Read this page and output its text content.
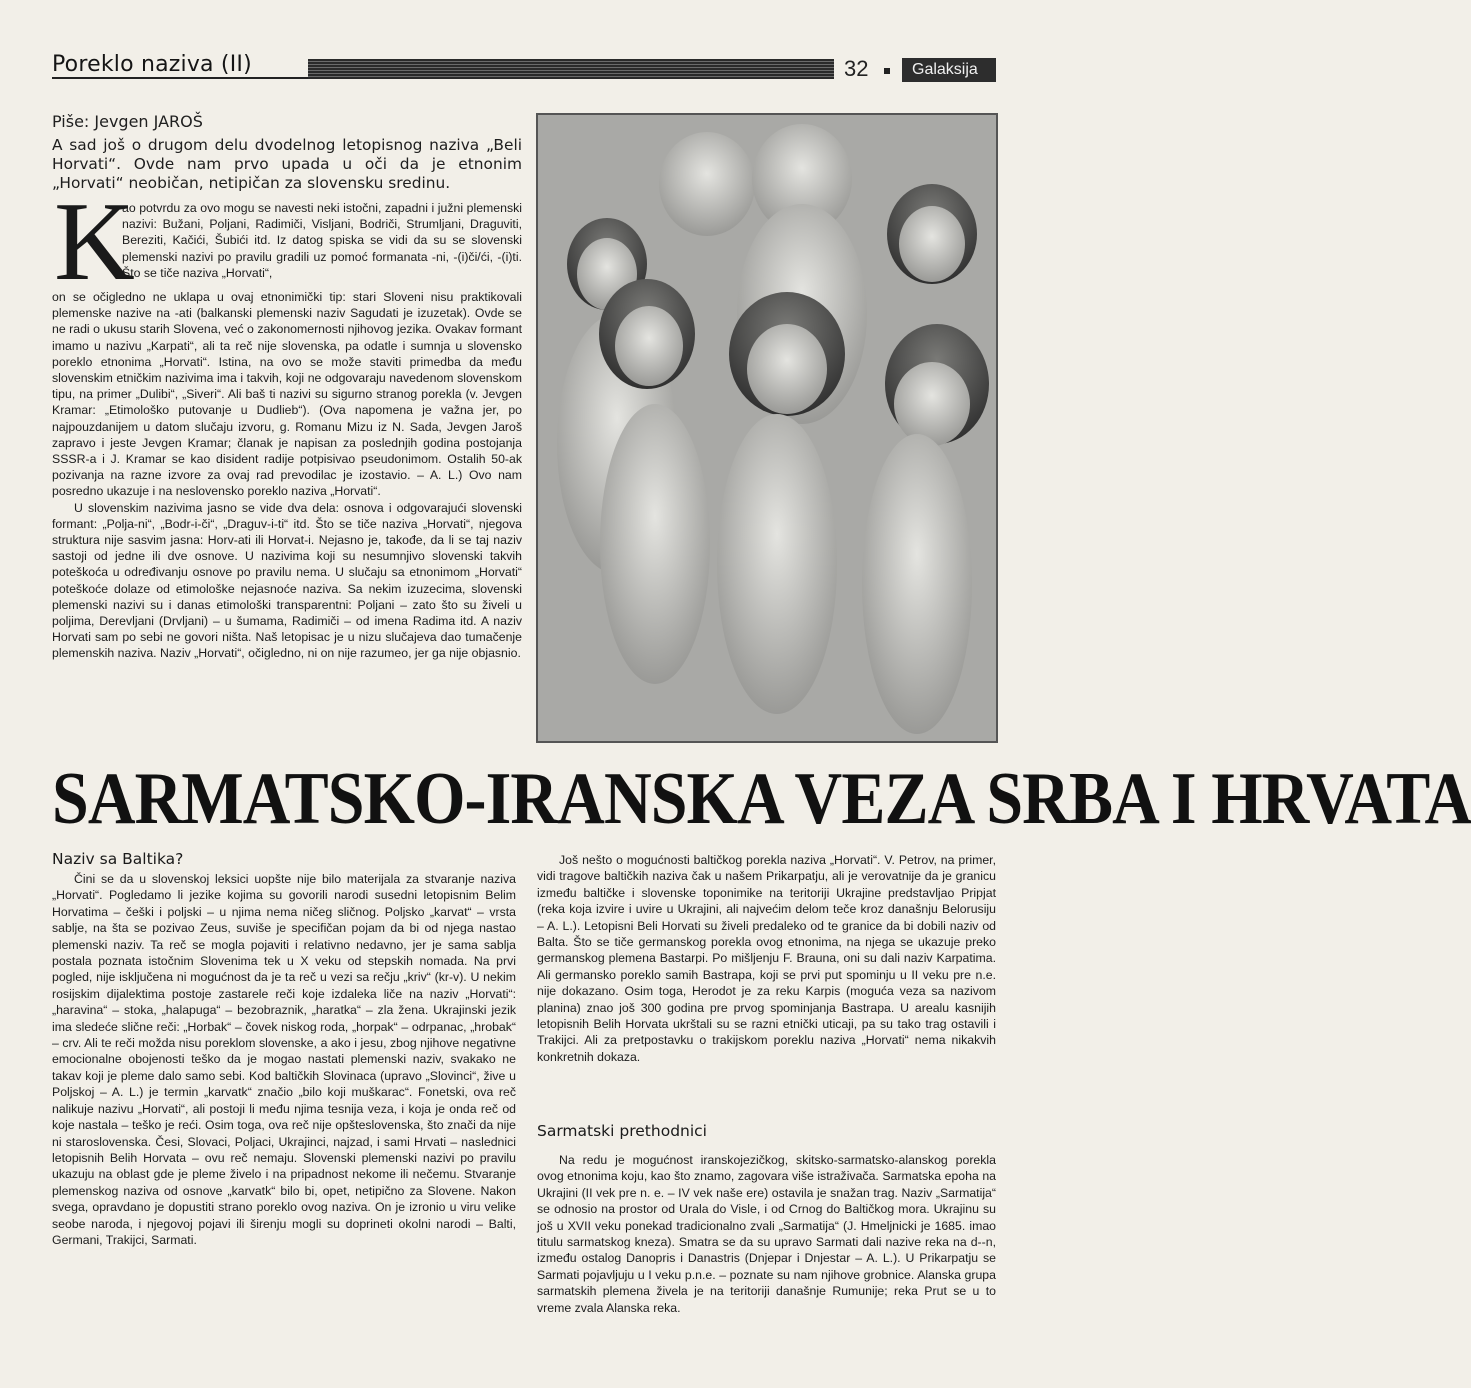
Poreklo naziva (II)	32	Galaksija
Piše: Jevgen JAROŠ
A sad još o drugom delu dvodelnog letopisnog naziva „Beli Horvati“. Ovde nam prvo upada u oči da je etnonim „Horvati“ neobičan, netipičan za slovensku sredinu.
K
ao potvrdu za ovo mogu se navesti neki istočni, zapadni i južni plemenski nazivi: Bužani, Poljani, Radimiči, Visljani, Bodriči, Strumljani, Draguviti, Bereziti, Kačići, Šubići itd. Iz datog spiska se vidi da su se slovenski plemenski nazivi po pravilu gradili uz pomoć formanata -ni, -(i)či/ći, -(i)ti. Što se tiče naziva „Horvati“,

on se očigledno ne uklapa u ovaj etnonimički tip: stari Sloveni nisu praktikovali plemenske nazive na -ati (balkanski plemenski naziv Sagudati je izuzetak). Ovde se ne radi o ukusu starih Slovena, već o zakonomernosti njihovog jezika. Ovakav formant imamo u nazivu „Karpati“, ali ta reč nije slovenska, pa odatle i sumnja u slovensko poreklo etnonima „Horvati“. Istina, na ovo se može staviti primedba da među slovenskim etničkim nazivima ima i takvih, koji ne odgovaraju navedenom slovenskom tipu, na primer „Dulibi“, „Siveri“. Ali baš ti nazivi su sigurno stranog porekla (v. Jevgen Kramar: „Etimološko putovanje u Dudlieb“). (Ova napomena je važna jer, po najpouzdanijem u datom slučaju izvoru, g. Romanu Mizu iz N. Sada, Jevgen Jaroš zapravo i jeste Jevgen Kramar; članak je napisan za poslednjih godina postojanja SSSR-a i J. Kramar se kao disident radije potpisivao pseudonimom. Ostalih 50-ak pozivanja na razne izvore za ovaj rad prevodilac je izostavio. – A. L.) Ovo nam posredno ukazuje i na neslovensko poreklo naziva „Horvati“.

U slovenskim nazivima jasno se vide dva dela: osnova i odgovarajući slovenski formant: „Polja-ni“, „Bodr-i-či“, „Draguv-i-ti“ itd. Što se tiče naziva „Horvati“, njegova struktura nije sasvim jasna: Horv-ati ili Horvat-i. Nejasno je, takođe, da li se taj naziv sastoji od jedne ili dve osnove. U nazivima koji su nesumnjivo slovenski takvih poteškoća u određivanju osnove po pravilu nema. U slučaju sa etnonimom „Horvati“ poteškoće dolaze od etimološke nejasnoće naziva. Sa nekim izuzecima, slovenski plemenski nazivi su i danas etimološki transparentni: Poljani – zato što su živeli u poljima, Derevljani (Drvljani) – u šumama, Radimiči – od imena Radima itd. A naziv Horvati sam po sebi ne govori ništa. Naš letopisac je u nizu slučajeva dao tumačenje plemenskih naziva. Naziv „Horvati“, očigledno, ni on nije razumeo, jer ga nije objasnio.

SARMATSKO-IRANSKA VEZA SRBA I HRVATA
Naziv sa Baltika?
Čini se da u slovenskoj leksici uopšte nije bilo materijala za stvaranje naziva „Horvati“. Pogledamo li jezike kojima su govorili narodi susedni letopisnim Belim Horvatima – češki i poljski – u njima nema ničeg sličnog. Poljsko „karvat“ – vrsta sablje, na šta se pozivao Zeus, suviše je specifičan pojam da bi od njega nastao plemenski naziv. Ta reč se mogla pojaviti i relativno nedavno, jer je sama sablja postala poznata istočnim Slovenima tek u X veku od stepskih nomada. Na prvi pogled, nije isključena ni mogućnost da je ta reč u vezi sa rečju „kriv“ (kr-v). U nekim rosijskim dijalektima postoje zastarele reči koje izdaleka liče na naziv „Horvati“: „haravina“ – stoka, „halapuga“ – bezobraznik, „haratka“ – zla žena. Ukrajinski jezik ima sledeće slične reči: „Horbak“ – čovek niskog roda, „horpak“ – odrpanac, „hrobak“ – crv. Ali te reči možda nisu poreklom slovenske, a ako i jesu, zbog njihove negativne emocionalne obojenosti teško da je mogao nastati plemenski naziv, svakako ne takav koji je pleme dalo samo sebi. Kod baltičkih Slovinaca (upravo „Slovinci“, žive u Poljskoj – A. L.) je termin „karvatk“ značio „bilo koji muškarac“. Fonetski, ova reč nalikuje nazivu „Horvati“, ali postoji li među njima tesnija veza, i koja je onda reč od koje nastala – teško je reći. Osim toga, ova reč nije opšteslovenska, što znači da nije ni staroslovenska. Česi, Slovaci, Poljaci, Ukrajinci, najzad, i sami Hrvati – naslednici letopisnih Belih Horvata – ovu reč nemaju. Slovenski plemenski nazivi po pravilu ukazuju na oblast gde je pleme živelo i na pripadnost nekome ili nečemu. Stvaranje plemenskog naziva od osnove „karvatk“ bilo bi, opet, netipično za Slovene. Nakon svega, opravdano je dopustiti strano poreklo ovog naziva. On je izronio u viru velike seobe naroda, i njegovoj pojavi ili širenju mogli su doprineti okolni narodi – Balti, Germani, Trakijci, Sarmati.
Još nešto o mogućnosti baltičkog porekla naziva „Horvati“. V. Petrov, na primer, vidi tragove baltičkih naziva čak u našem Prikarpatju, ali je verovatnije da je granicu između baltičke i slovenske toponimike na teritoriji Ukrajine predstavljao Pripjat (reka koja izvire i uvire u Ukrajini, ali najvećim delom teče kroz današnju Belorusiju – A. L.). Letopisni Beli Horvati su živeli predaleko od te granice da bi dobili naziv od Balta. Što se tiče germanskog porekla ovog etnonima, na njega se ukazuje preko germanskog plemena Bastarpi. Po mišljenju F. Brauna, oni su dali naziv Karpatima. Ali germansko poreklo samih Bastrapa, koji se prvi put spominju u II veku pre n.e. nije dokazano. Osim toga, Herodot je za reku Karpis (moguća veza sa nazivom planina) znao još 300 godina pre prvog spominjanja Bastrapa. U arealu kasnijih letopisnih Belih Horvata ukrštali su se razni etnički uticaji, pa su tako trag ostavili i Trakijci. Ali za pretpostavku o trakijskom poreklu naziva „Horvati“ nema nikakvih konkretnih dokaza.
Sarmatski prethodnici
Na redu je mogućnost iranskojezičkog, skitsko-sarmatsko-alanskog porekla ovog etnonima koju, kao što znamo, zagovara više istraživača. Sarmatska epoha na Ukrajini (II vek pre n. e. – IV vek naše ere) ostavila je snažan trag. Naziv „Sarmatija“ se odnosio na prostor od Urala do Visle, i od Crnog do Baltičkog mora. Ukrajinu su još u XVII veku ponekad tradicionalno zvali „Sarmatija“ (J. Hmeljnicki je 1685. imao titulu sarmatskog kneza). Smatra se da su upravo Sarmati dali nazive reka na d--n, između ostalog Danopris i Danastris (Dnjepar i Dnjestar – A. L.). U Prikarpatju se Sarmati pojavljuju u I veku p.n.e. – poznate su nam njihove grobnice. Alanska grupa sarmatskih plemena živela je na teritoriji današnje Rumunije; reka Prut se u to vreme zvala Alanska reka.
